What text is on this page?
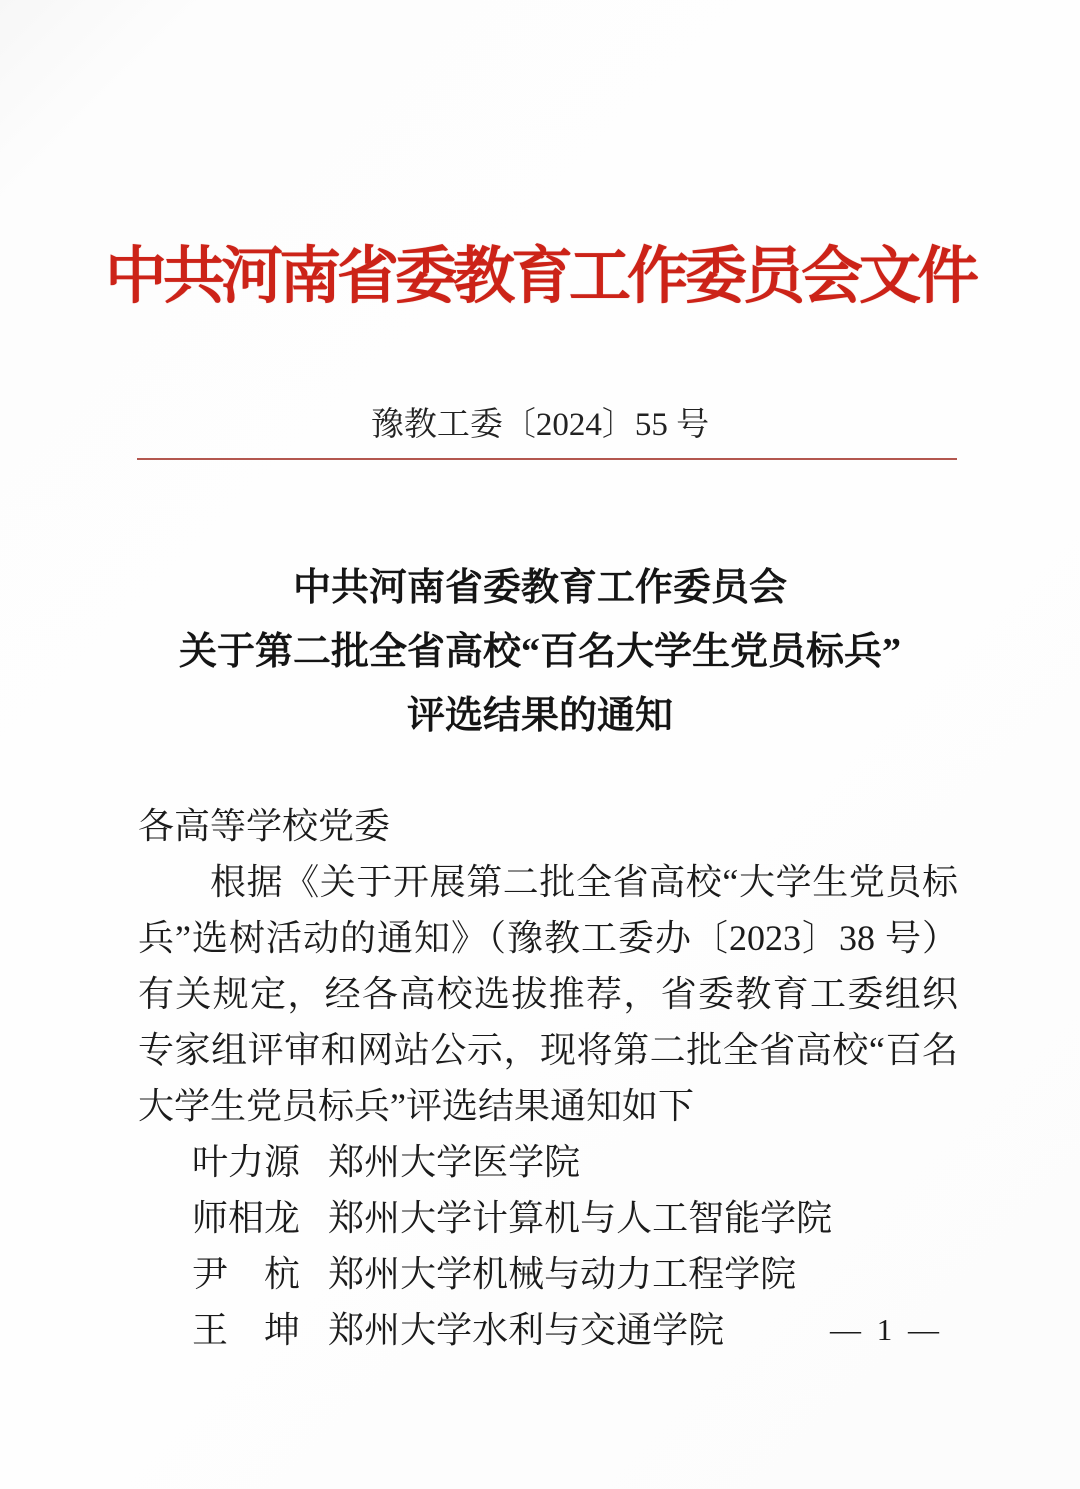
中共河南省委教育工作委员会文件
豫教工委〔2024〕55 号
中共河南省委教育工作委员会
关于第二批全省高校“百名大学生党员标兵”
评选结果的通知
各高等学校党委
根据《关于开展第二批全省高校“大学生党员标兵”选树活动的通知》（豫教工委办〔2023〕38 号）有关规定，经各高校选拔推荐，省委教育工委组织专家组评审和网站公示，现将第二批全省高校“百名大学生党员标兵”评选结果通知如下
叶力源 郑州大学医学院
师相龙 郑州大学计算机与人工智能学院
尹　杭 郑州大学机械与动力工程学院
王　坤 郑州大学水利与交通学院	— 1 —
